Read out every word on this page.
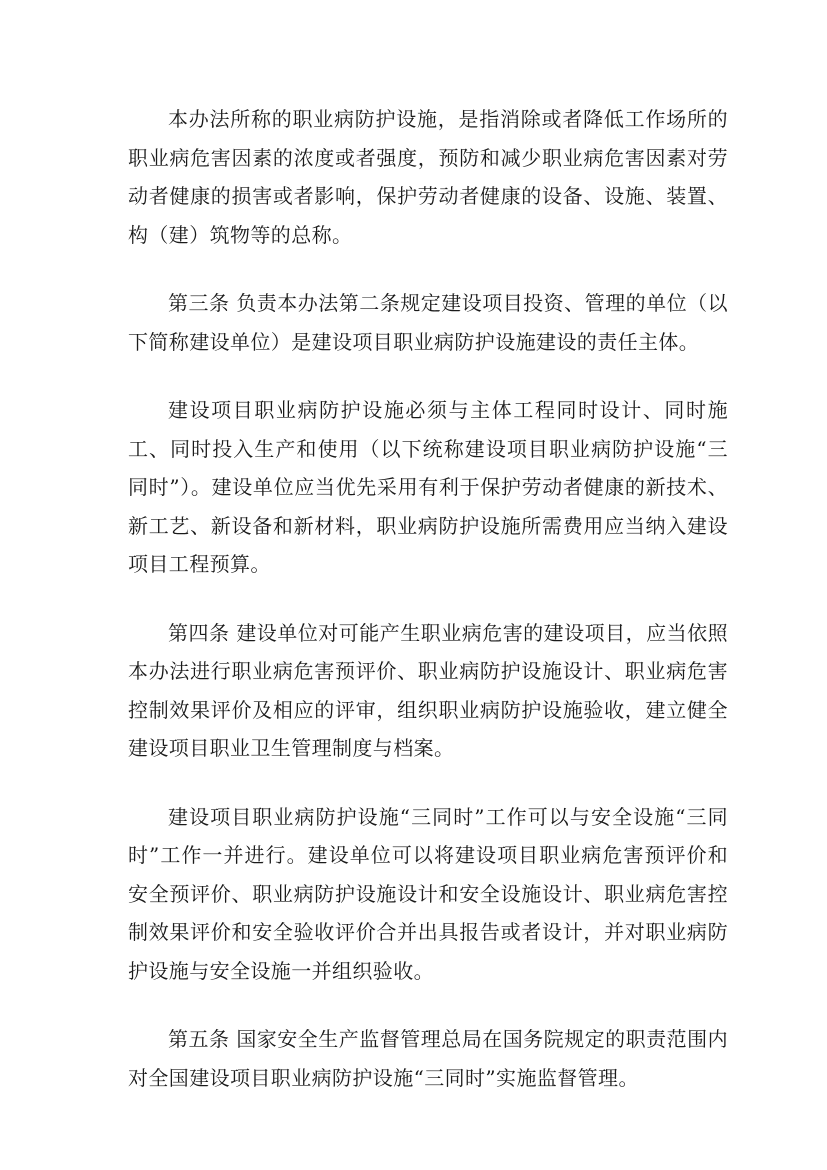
本办法所称的职业病防护设施，是指消除或者降低工作场所的职业病危害因素的浓度或者强度，预防和减少职业病危害因素对劳动者健康的损害或者影响，保护劳动者健康的设备、设施、装置、构（建）筑物等的总称。

第三条 负责本办法第二条规定建设项目投资、管理的单位（以下简称建设单位）是建设项目职业病防护设施建设的责任主体。

建设项目职业病防护设施必须与主体工程同时设计、同时施工、同时投入生产和使用（以下统称建设项目职业病防护设施“三同时”）。建设单位应当优先采用有利于保护劳动者健康的新技术、新工艺、新设备和新材料，职业病防护设施所需费用应当纳入建设项目工程预算。

第四条 建设单位对可能产生职业病危害的建设项目，应当依照本办法进行职业病危害预评价、职业病防护设施设计、职业病危害控制效果评价及相应的评审，组织职业病防护设施验收，建立健全建设项目职业卫生管理制度与档案。

建设项目职业病防护设施“三同时”工作可以与安全设施“三同时”工作一并进行。建设单位可以将建设项目职业病危害预评价和安全预评价、职业病防护设施设计和安全设施设计、职业病危害控制效果评价和安全验收评价合并出具报告或者设计，并对职业病防护设施与安全设施一并组织验收。

第五条 国家安全生产监督管理总局在国务院规定的职责范围内对全国建设项目职业病防护设施“三同时”实施监督管理。
